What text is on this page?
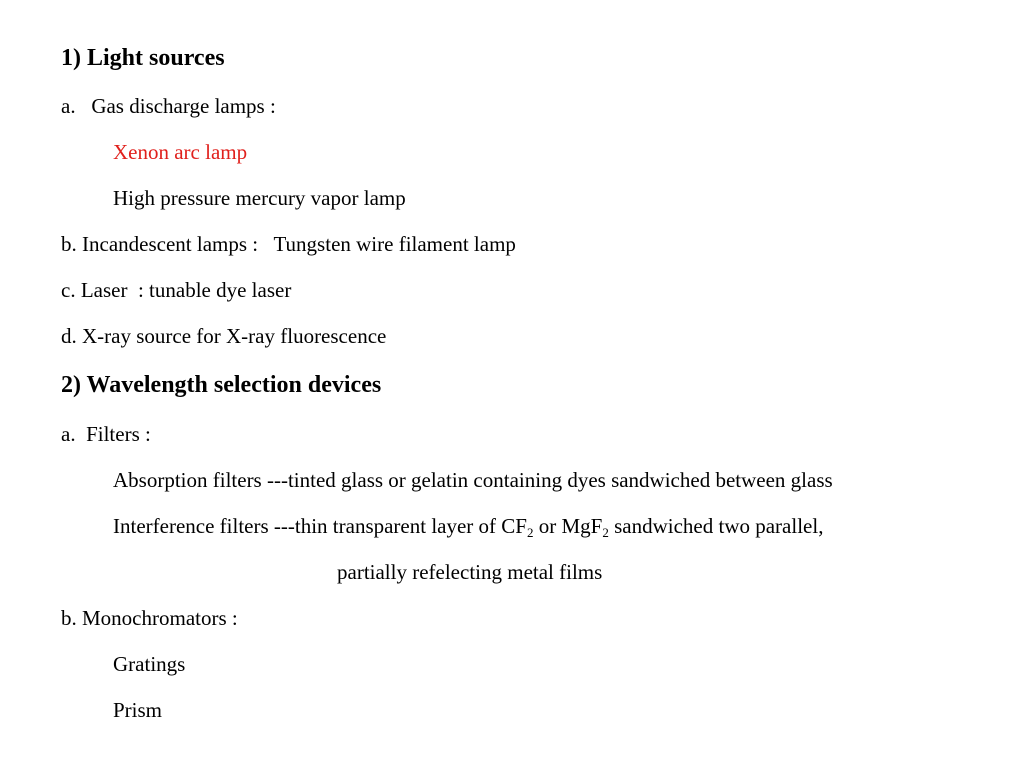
1) Light sources
a.   Gas discharge lamps :
Xenon arc lamp
High pressure mercury vapor lamp
b. Incandescent lamps :   Tungsten wire filament lamp
c. Laser  : tunable dye laser
d. X-ray source for X-ray fluorescence
2) Wavelength selection devices
a.  Filters :
Absorption filters ---tinted glass or gelatin containing dyes sandwiched between glass
Interference filters ---thin transparent layer of $CF_2$ or MgF$_2$ sandwiched two parallel,
partially refelecting metal films
b. Monochromators :
Gratings
Prism
